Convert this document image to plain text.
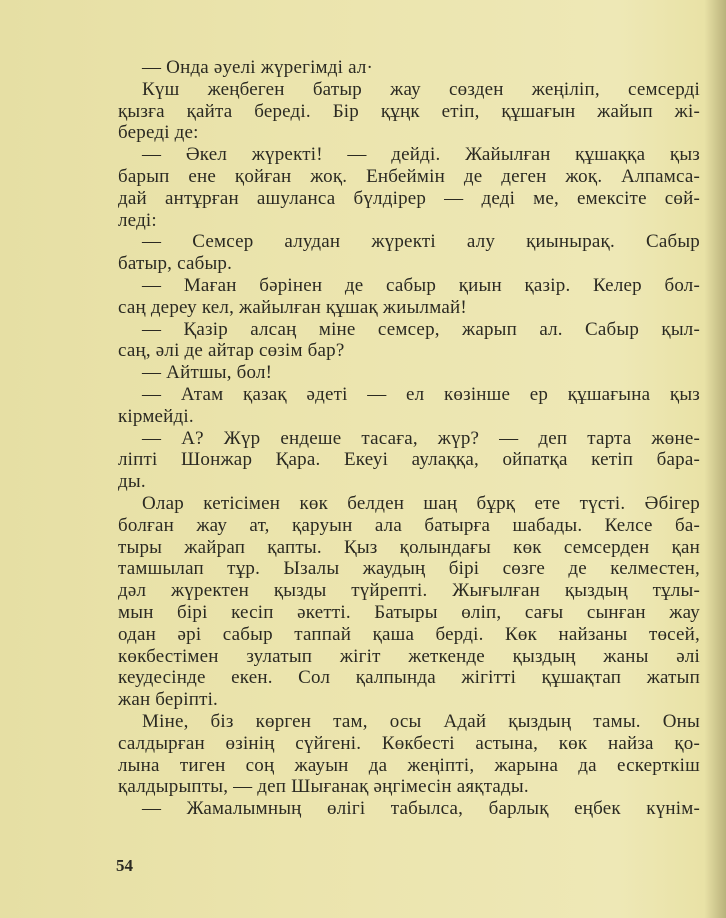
— Онда әуелі жүрегімді ал·
Күш жеңбеген батыр жау сөзден жеңіліп, семсерді
қызға қайта береді. Бір құңк етіп, құшағын жайып жі-
береді де:
— Әкел жүректі! — дейді. Жайылған құшаққа қыз
барып ене қойған жоқ. Енбеймін де деген жоқ. Алпамса-
дай антұрған ашуланса бүлдірер — деді ме, емексіте сөй-
леді:
— Семсер алудан жүректі алу қиынырақ. Сабыр
батыр, сабыр.
— Маған бәрінен де сабыр қиын қазір. Келер бол-
саң дереу кел, жайылған құшақ жиылмай!
— Қазір алсаң міне семсер, жарып ал. Сабыр қыл-
саң, әлі де айтар сөзім бар?
— Айтшы, бол!
— Атам қазақ әдеті — ел көзінше ер құшағына қыз
кірмейді.
— А? Жүр ендеше тасаға, жүр? — деп тарта жөне-
ліпті Шонжар Қара. Екеуі аулаққа, ойпатқа кетіп бара-
ды.
Олар кетісімен көк белден шаң бұрқ ете түсті. Әбігер
болған жау ат, қаруын ала батырға шабады. Келсе ба-
тыры жайрап қапты. Қыз қолындағы көк семсерден қан
тамшылап тұр. Ызалы жаудың бірі сөзге де келместен,
дәл жүректен қызды түйрепті. Жығылған қыздың тұлы-
мын бірі кесіп әкетті. Батыры өліп, сағы сынған жау
одан әрі сабыр таппай қаша берді. Көк найзаны төсей,
көкбестімен зулатып жігіт жеткенде қыздың жаны әлі
кеудесінде екен. Сол қалпында жігітті құшақтап жатып
жан беріпті.
Міне, біз көрген там, осы Адай қыздың тамы. Оны
салдырған өзінің сүйгені. Көкбесті астына, көк найза қо-
лына тиген соң жауын да жеңіпті, жарына да ескерткіш
қалдырыпты, — деп Шығанақ әңгімесін аяқтады.
— Жамалымның өлігі табылса, барлық еңбек күнім-
54
